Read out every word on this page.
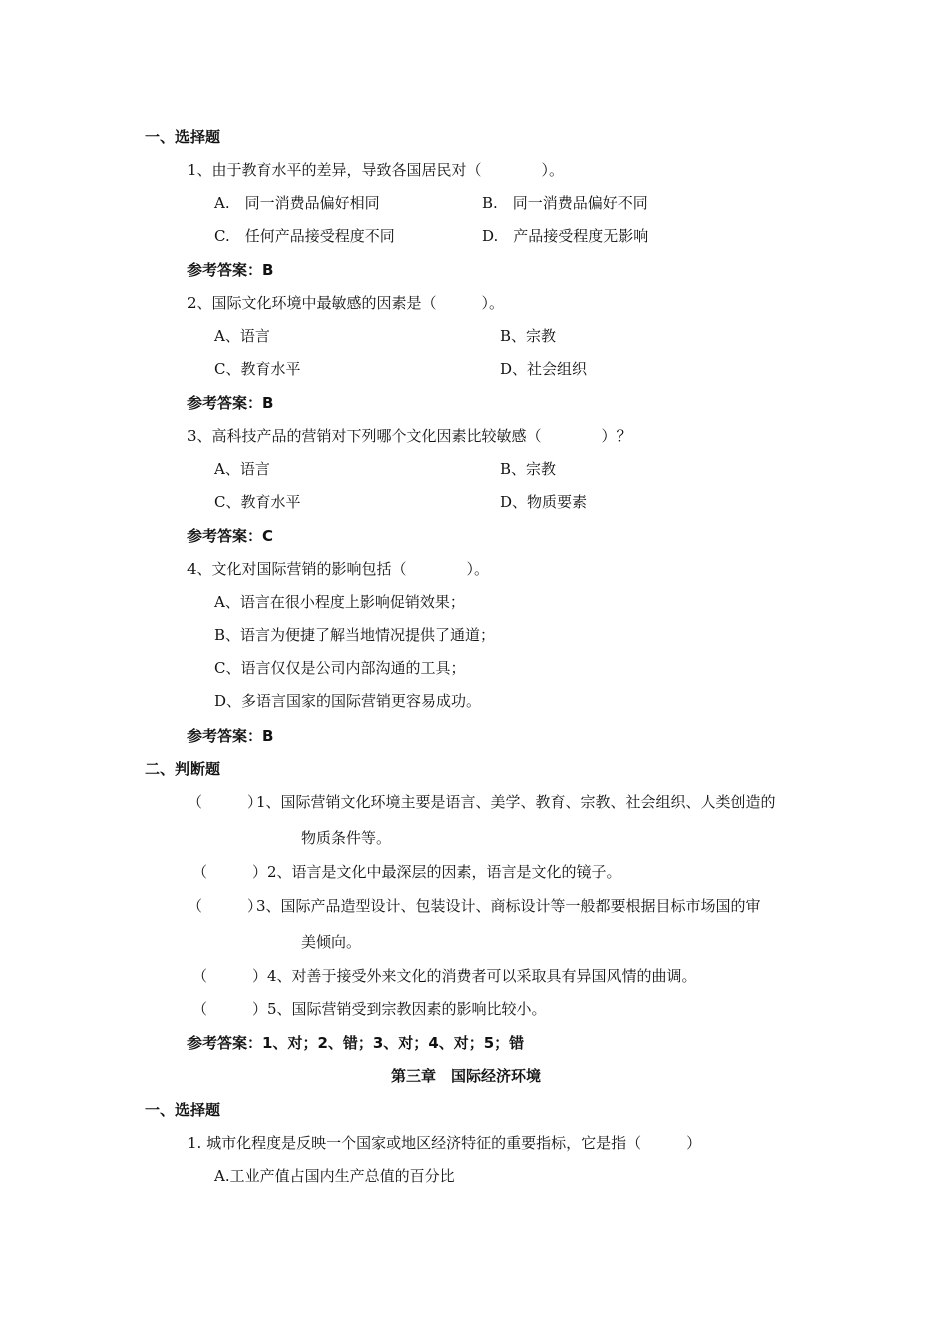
一、选择题
1、由于教育水平的差异，导致各国居民对（　　　　）。
A.　同一消费品偏好相同	B.　同一消费品偏好不同
C.　任何产品接受程度不同	D.　产品接受程度无影响
参考答案：B
2、国际文化环境中最敏感的因素是（　　　）。
A、语言	B、宗教
C、教育水平	D、社会组织
参考答案：B
3、高科技产品的营销对下列哪个文化因素比较敏感（　　　　）？
A、语言	B、宗教
C、教育水平	D、物质要素
参考答案：C
4、文化对国际营销的影响包括（　　　　）。
A、语言在很小程度上影响促销效果；
B、语言为便捷了解当地情况提供了通道；
C、语言仅仅是公司内部沟通的工具；
D、多语言国家的国际营销更容易成功。
参考答案：B
二、判断题
（　　　）
1、国际营销文化环境主要是语言、美学、教育、宗教、社会组织、人类创造的
物质条件等。
（　　　）2、语言是文化中最深层的因素，语言是文化的镜子。
（　　　）
3、国际产品造型设计、包装设计、商标设计等一般都要根据目标市场国的审
美倾向。
（　　　）4、对善于接受外来文化的消费者可以采取具有异国风情的曲调。
（　　　）5、国际营销受到宗教因素的影响比较小。
参考答案：1、对；2、错；3、对；4、对；5；错
第三章　国际经济环境
一、选择题
1. 城市化程度是反映一个国家或地区经济特征的重要指标，它是指（　　　）
A.工业产值占国内生产总值的百分比
